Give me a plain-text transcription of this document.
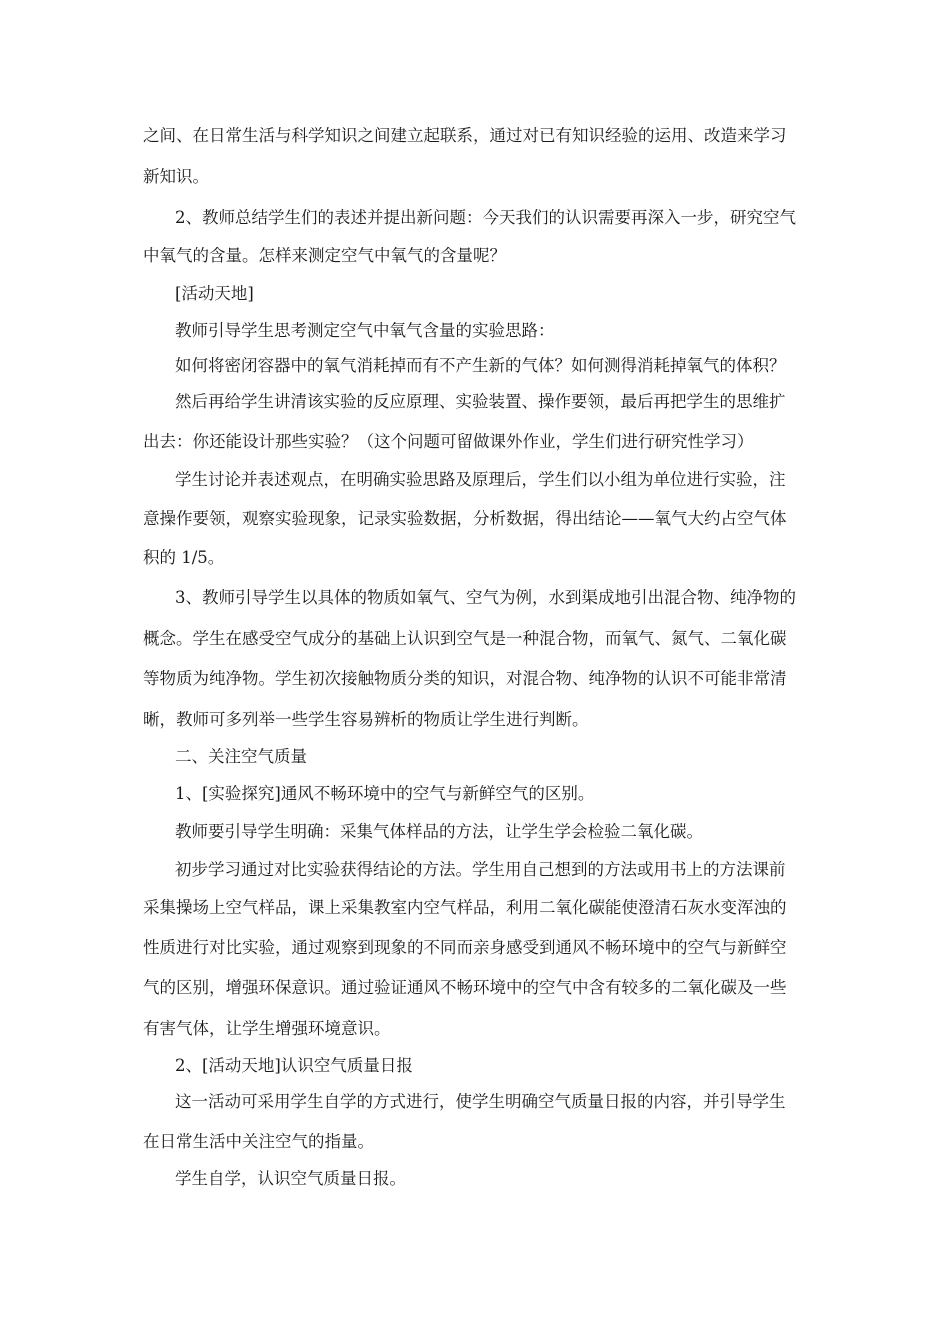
之间、在日常生活与科学知识之间建立起联系，通过对已有知识经验的运用、改造来学习
新知识。
2、教师总结学生们的表述并提出新问题：今天我们的认识需要再深入一步，研究空气
中氧气的含量。怎样来测定空气中氧气的含量呢？
[活动天地]
教师引导学生思考测定空气中氧气含量的实验思路：
如何将密闭容器中的氧气消耗掉而有不产生新的气体？如何测得消耗掉氧气的体积？
然后再给学生讲清该实验的反应原理、实验装置、操作要领，最后再把学生的思维扩
出去：你还能设计那些实验？（这个问题可留做课外作业，学生们进行研究性学习）
学生讨论并表述观点，在明确实验思路及原理后，学生们以小组为单位进行实验，注
意操作要领，观察实验现象，记录实验数据，分析数据，得出结论——氧气大约占空气体
积的 1/5。
3、教师引导学生以具体的物质如氧气、空气为例，水到渠成地引出混合物、纯净物的
概念。学生在感受空气成分的基础上认识到空气是一种混合物，而氧气、氮气、二氧化碳
等物质为纯净物。学生初次接触物质分类的知识，对混合物、纯净物的认识不可能非常清
晰，教师可多列举一些学生容易辨析的物质让学生进行判断。
二、关注空气质量
1、[实验探究]通风不畅环境中的空气与新鲜空气的区别。
教师要引导学生明确：采集气体样品的方法，让学生学会检验二氧化碳。
初步学习通过对比实验获得结论的方法。学生用自己想到的方法或用书上的方法课前
采集操场上空气样品，课上采集教室内空气样品，利用二氧化碳能使澄清石灰水变浑浊的
性质进行对比实验，通过观察到现象的不同而亲身感受到通风不畅环境中的空气与新鲜空
气的区别，增强环保意识。通过验证通风不畅环境中的空气中含有较多的二氧化碳及一些
有害气体，让学生增强环境意识。
2、[活动天地]认识空气质量日报
这一活动可采用学生自学的方式进行，使学生明确空气质量日报的内容，并引导学生
在日常生活中关注空气的指量。
学生自学，认识空气质量日报。
